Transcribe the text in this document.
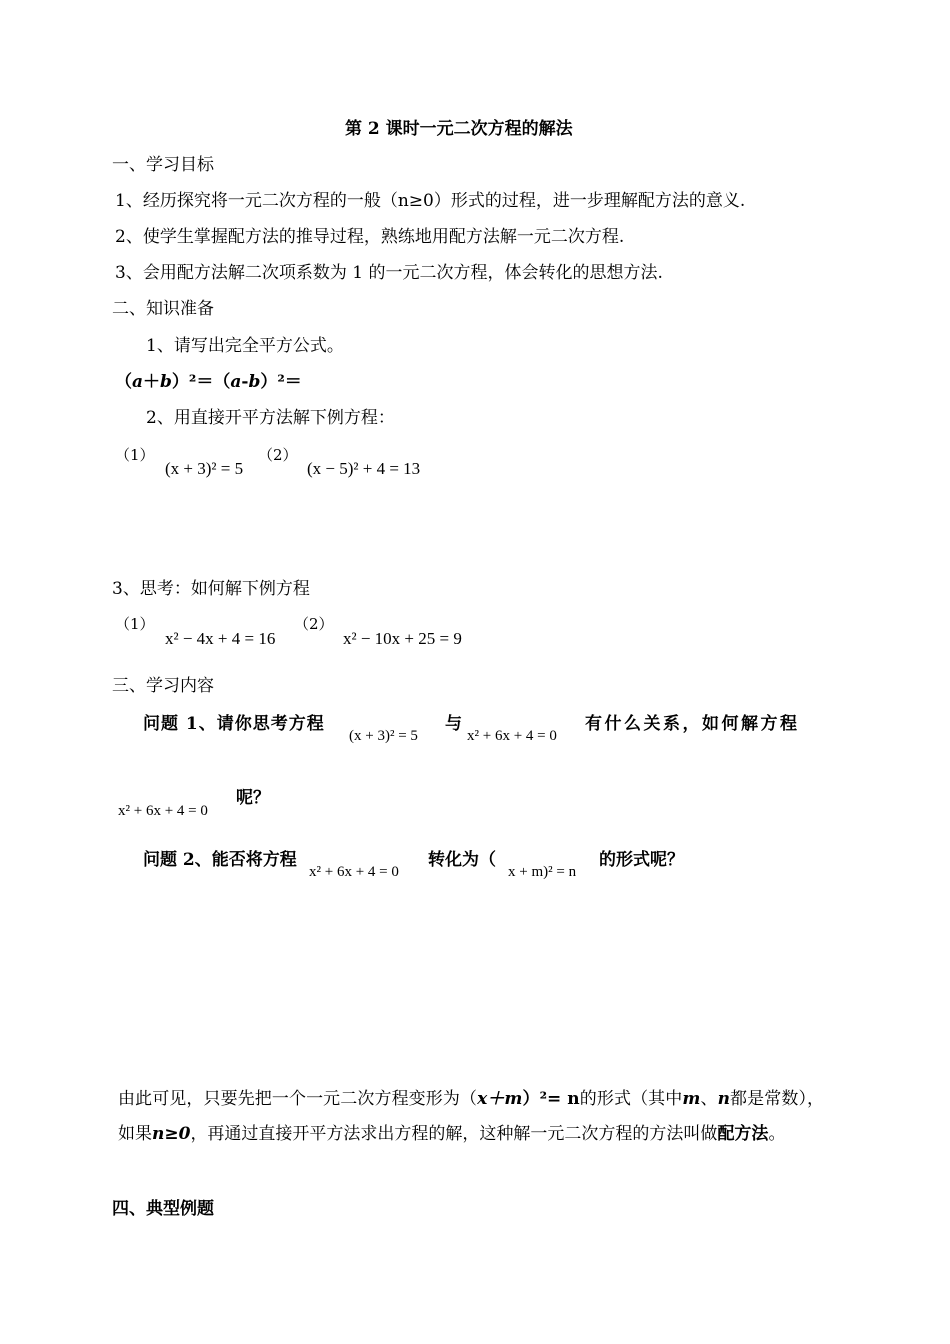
第 2 课时一元二次方程的解法
一、学习目标
1、经历探究将一元二次方程的一般（n≥0）形式的过程，进一步理解配方法的意义.
2、使学生掌握配方法的推导过程，熟练地用配方法解一元二次方程.
3、会用配方法解二次项系数为 1 的一元二次方程，体会转化的思想方法.
二、知识准备
1、请写出完全平方公式。
（a＋b）²＝（a-b）²＝
2、用直接开平方法解下例方程：
（1）
(x + 3)² = 5
（2）
(x − 5)² + 4 = 13
3、思考：如何解下例方程
（1）
x² − 4x + 4 = 16
（2）
x² − 10x + 25 = 9
三、学习内容
问题 1、请你思考方程
(x + 3)² = 5
与
x² + 6x + 4 = 0
有什么关系，如何解方程
x² + 6x + 4 = 0
呢？
问题 2、能否将方程
x² + 6x + 4 = 0
转化为（
x + m)² = n
的形式呢？
由此可见，只要先把一个一元二次方程变形为（x＋m）²= n的形式（其中m、n都是常数），如果n≥0，再通过直接开平方法求出方程的解，这种解一元二次方程的方法叫做配方法。
四、典型例题
